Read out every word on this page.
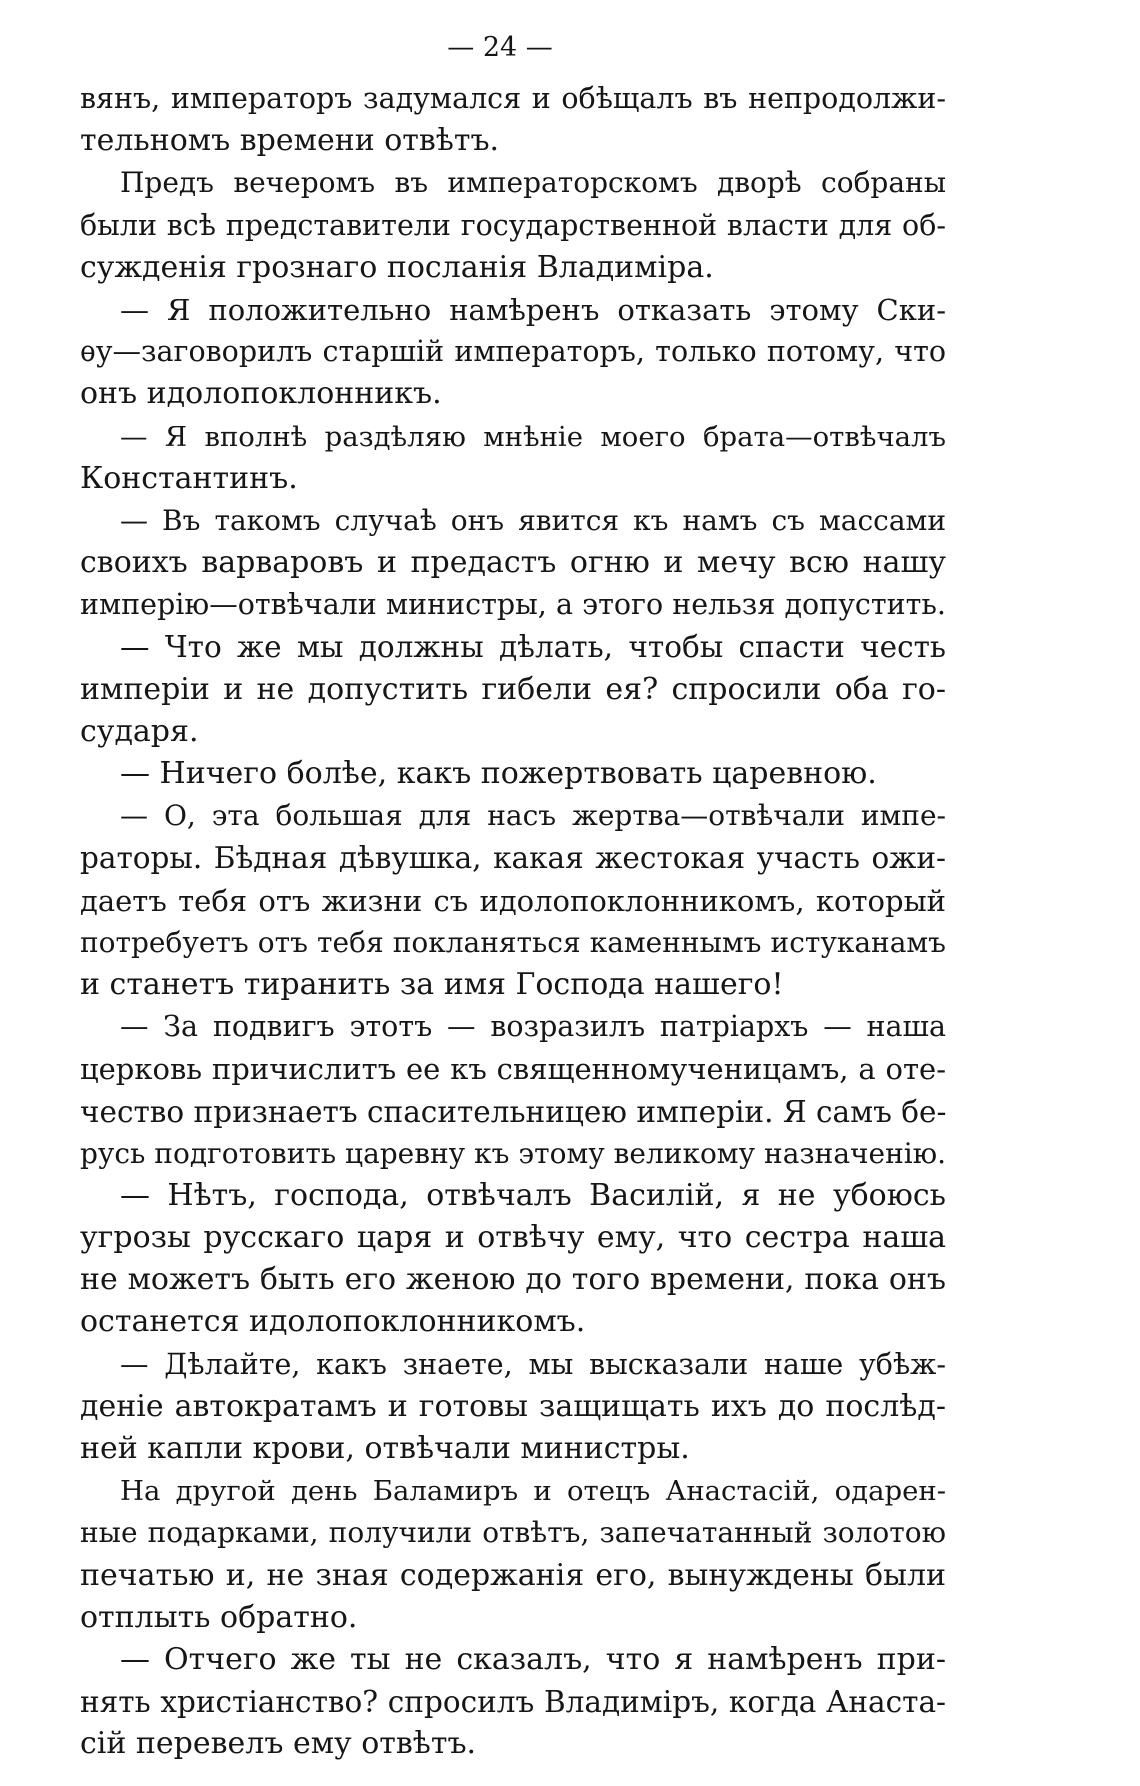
— 24 —
вянъ, императоръ задумался и обѣщалъ въ непродолжи-
тельномъ времени отвѣтъ.
Предъ вечеромъ въ императорскомъ дворѣ собраны
были всѣ представители государственной власти для об-
сужденія грознаго посланія Владиміра.
— Я положительно намѣренъ отказать этому Ски-
ѳу—заговорилъ старшій императоръ, только потому, что
онъ идолопоклонникъ.
— Я вполнѣ раздѣляю мнѣніе моего брата—отвѣчалъ
Константинъ.
— Въ такомъ случаѣ онъ явится къ намъ съ массами
своихъ варваровъ и предастъ огню и мечу всю нашу
имперію—отвѣчали министры, а этого нельзя допустить.
— Что же мы должны дѣлать, чтобы спасти честь
имперіи и не допустить гибели ея? спросили оба го-
сударя.
— Ничего болѣе, какъ пожертвовать царевною.
— О, эта большая для насъ жертва—отвѣчали импе-
раторы. Бѣдная дѣвушка, какая жестокая участь ожи-
даетъ тебя отъ жизни съ идолопоклонникомъ, который
потребуетъ отъ тебя покланяться каменнымъ истуканамъ
и станетъ тиранить за имя Господа нашего!
— За подвигъ этотъ — возразилъ патріархъ — наша
церковь причислитъ ее къ священномученицамъ, а оте-
чество признаетъ спасительницею имперіи. Я самъ бе-
русь подготовить царевну къ этому великому назначенію.
— Нѣтъ, господа, отвѣчалъ Василій, я не убоюсь
угрозы русскаго царя и отвѣчу ему, что сестра наша
не можетъ быть его женою до того времени, пока онъ
останется идолопоклонникомъ.
— Дѣлайте, какъ знаете, мы высказали наше убѣж-
деніе автократамъ и готовы защищать ихъ до послѣд-
ней капли крови, отвѣчали министры.
На другой день Баламиръ и отецъ Анастасій, одарен-
ные подарками, получили отвѣтъ, запечатанный золотою
печатью и, не зная содержанія его, вынуждены были
отплыть обратно.
— Отчего же ты не сказалъ, что я намѣренъ при-
нять христіанство? спросилъ Владиміръ, когда Анаста-
сій перевелъ ему отвѣтъ.
